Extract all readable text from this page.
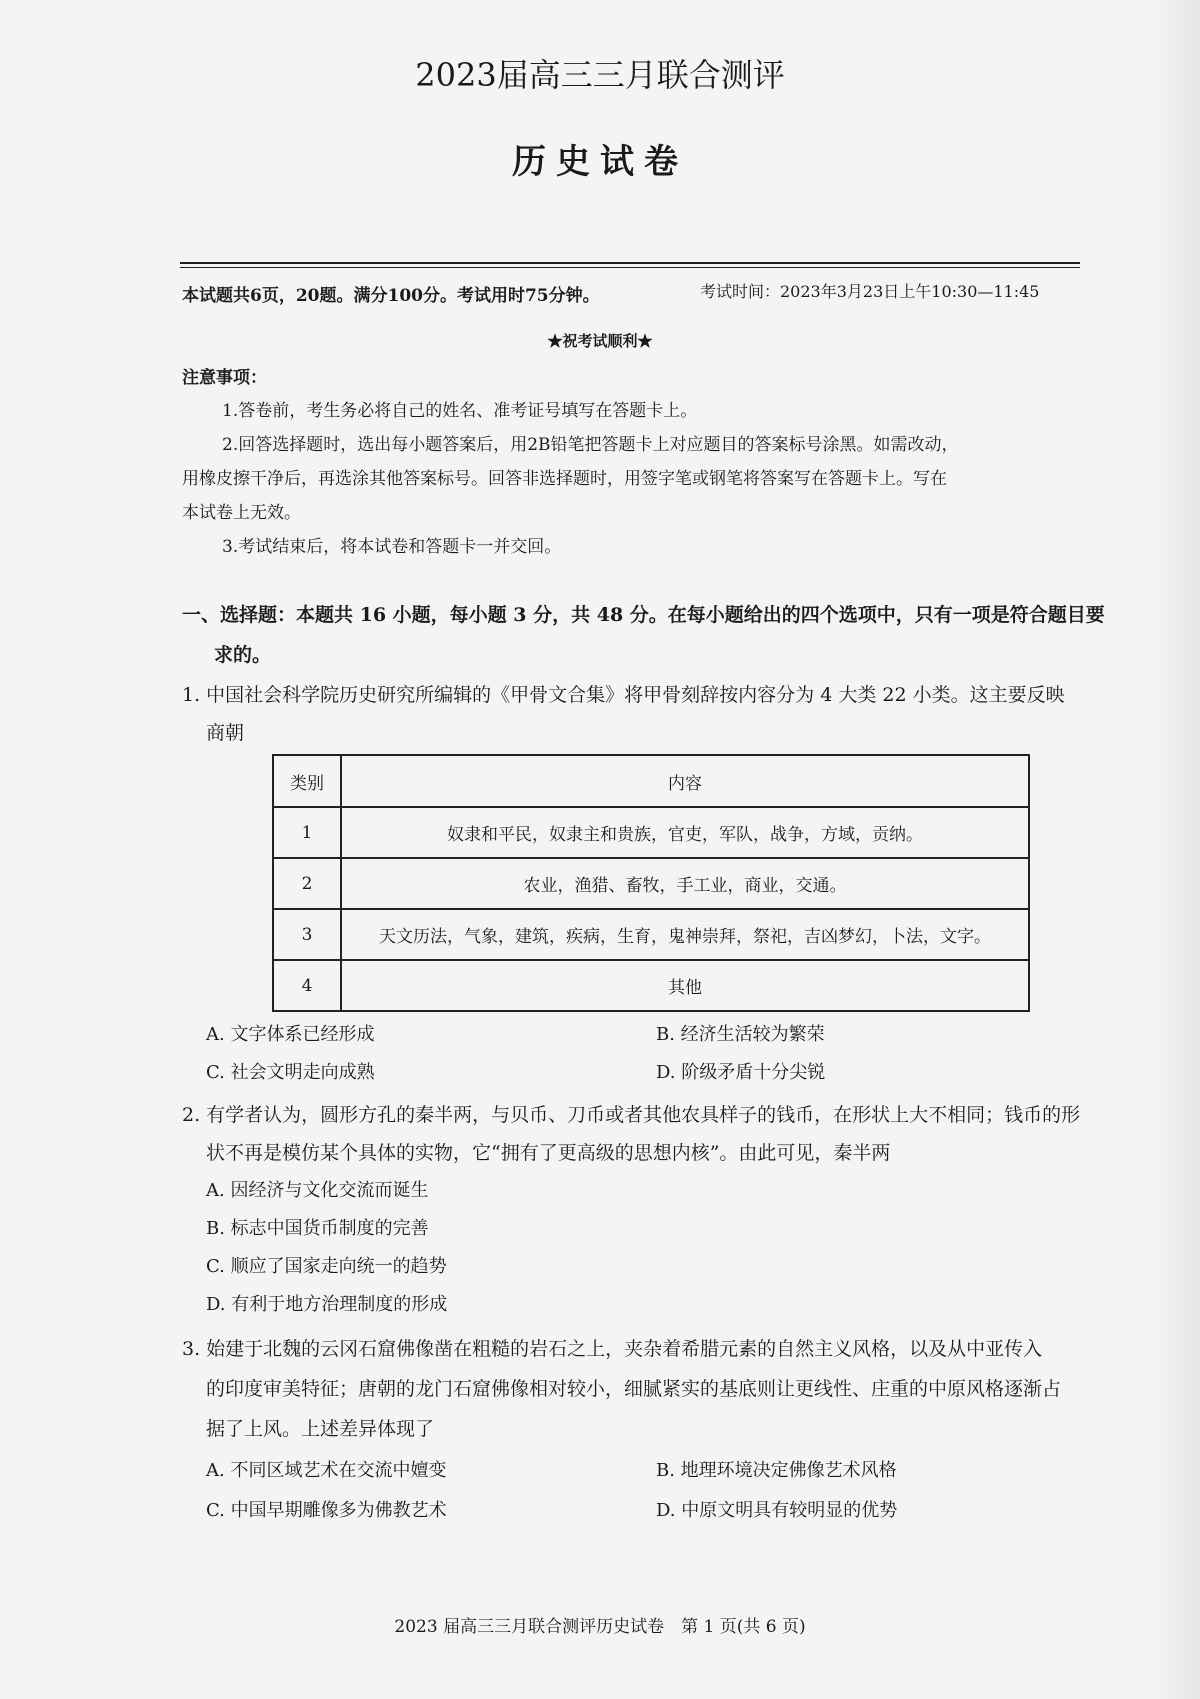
2023届高三三月联合测评
历史试卷
本试题共6页，20题。满分100分。考试用时75分钟。	考试时间：2023年3月23日上午10:30—11:45
★祝考试顺利★
注意事项：
1.答卷前，考生务必将自己的姓名、准考证号填写在答题卡上。
2.回答选择题时，选出每小题答案后，用2B铅笔把答题卡上对应题目的答案标号涂黑。如需改动，
用橡皮擦干净后，再选涂其他答案标号。回答非选择题时，用签字笔或钢笔将答案写在答题卡上。写在
本试卷上无效。
3.考试结束后，将本试卷和答题卡一并交回。
一、选择题：本题共 16 小题，每小题 3 分，共 48 分。在每小题给出的四个选项中，只有一项是符合题目要
求的。
1. 中国社会科学院历史研究所编辑的《甲骨文合集》将甲骨刻辞按内容分为 4 大类 22 小类。这主要反映
商朝
类别	内容
1	奴隶和平民，奴隶主和贵族，官吏，军队，战争，方域，贡纳。
2	农业，渔猎、畜牧，手工业，商业，交通。
3	天文历法，气象，建筑，疾病，生育，鬼神崇拜，祭祀，吉凶梦幻，卜法，文字。
4	其他
A. 文字体系已经形成	B. 经济生活较为繁荣
C. 社会文明走向成熟	D. 阶级矛盾十分尖锐
2. 有学者认为，圆形方孔的秦半两，与贝币、刀币或者其他农具样子的钱币，在形状上大不相同；钱币的形
状不再是模仿某个具体的实物，它“拥有了更高级的思想内核”。由此可见，秦半两
A. 因经济与文化交流而诞生
B. 标志中国货币制度的完善
C. 顺应了国家走向统一的趋势
D. 有利于地方治理制度的形成
3. 始建于北魏的云冈石窟佛像凿在粗糙的岩石之上，夹杂着希腊元素的自然主义风格，以及从中亚传入
的印度审美特征；唐朝的龙门石窟佛像相对较小，细腻紧实的基底则让更线性、庄重的中原风格逐渐占
据了上风。上述差异体现了
A. 不同区域艺术在交流中嬗变	B. 地理环境决定佛像艺术风格
C. 中国早期雕像多为佛教艺术	D. 中原文明具有较明显的优势
2023 届高三三月联合测评历史试卷　第 1 页(共 6 页)
